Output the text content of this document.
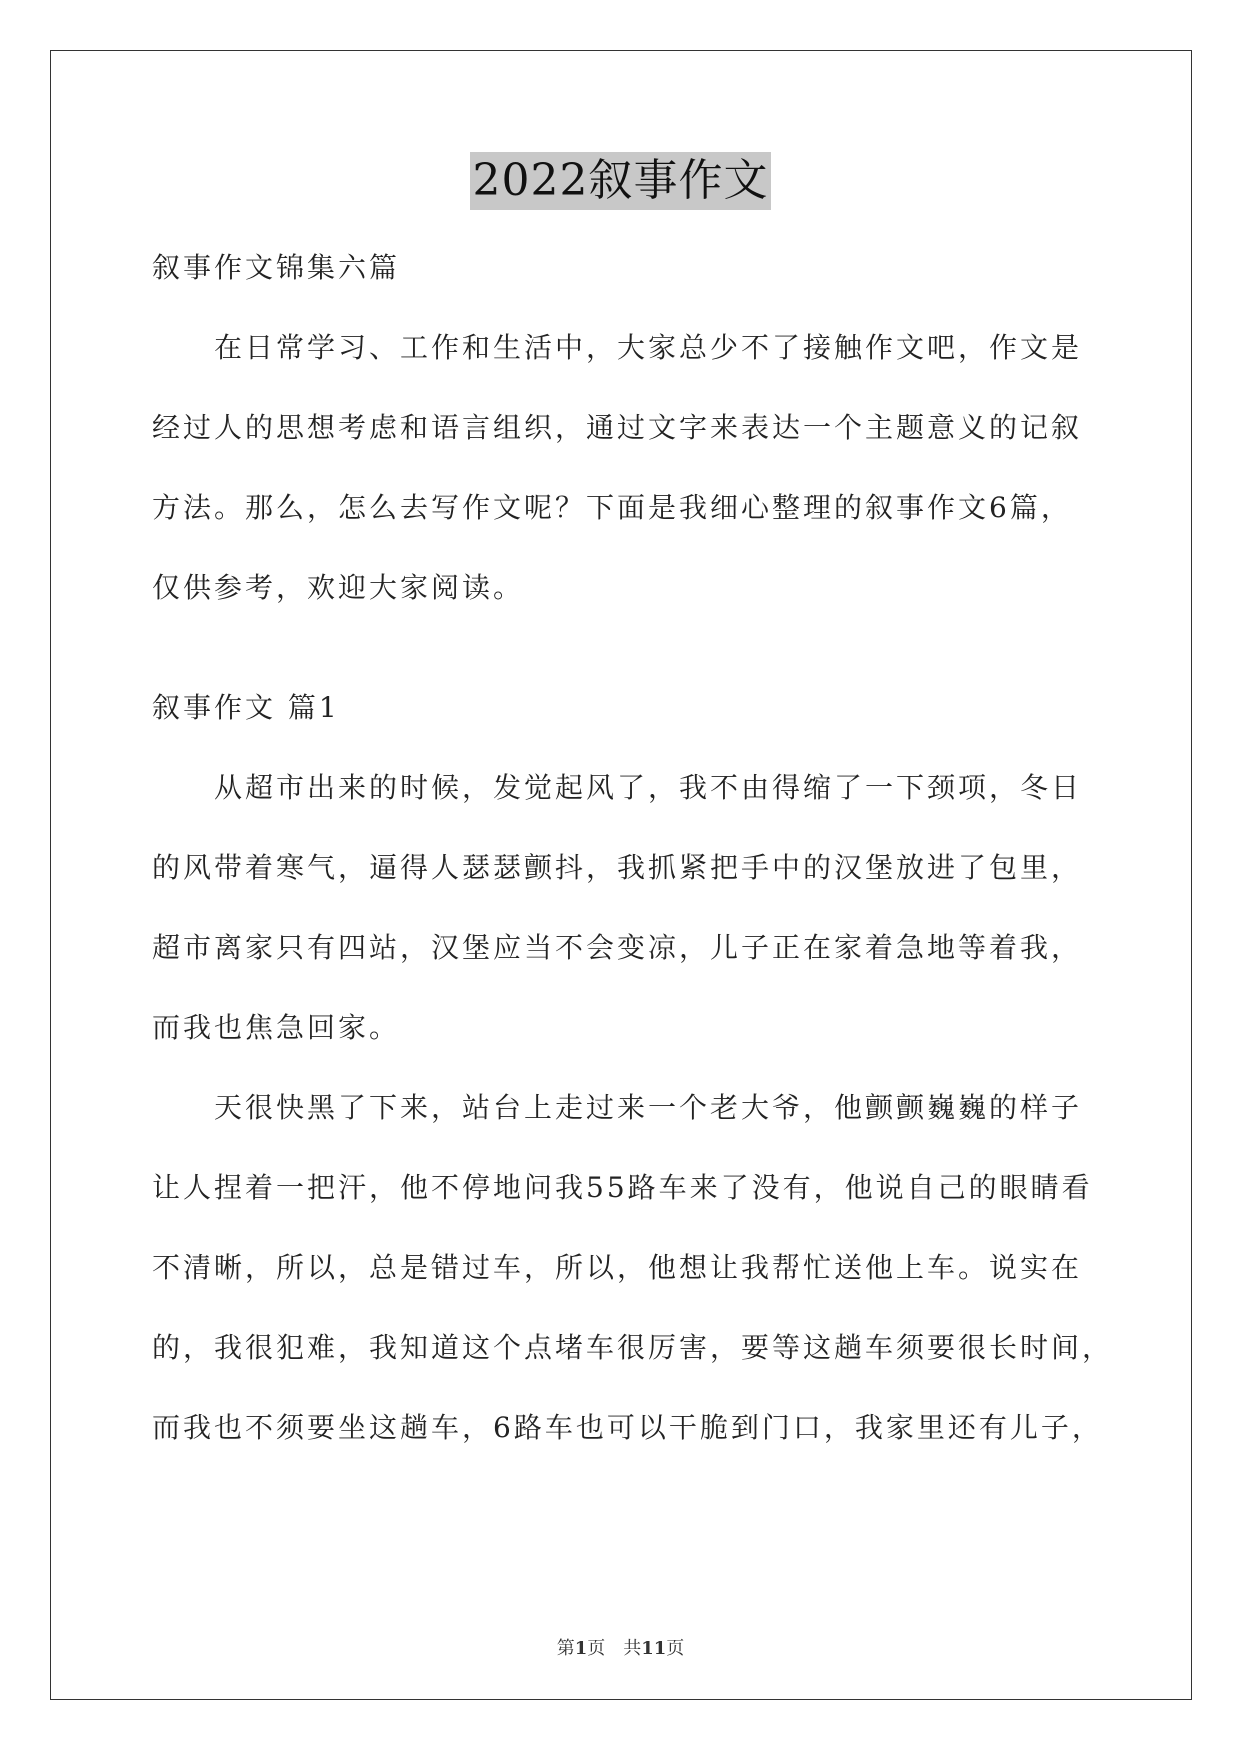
2022叙事作文
叙事作文锦集六篇
在日常学习、工作和生活中，大家总少不了接触作文吧，作文是
经过人的思想考虑和语言组织，通过文字来表达一个主题意义的记叙
方法。那么，怎么去写作文呢？下面是我细心整理的叙事作文6篇，
仅供参考，欢迎大家阅读。
叙事作文 篇1
从超市出来的时候，发觉起风了，我不由得缩了一下颈项，冬日
的风带着寒气，逼得人瑟瑟颤抖，我抓紧把手中的汉堡放进了包里，
超市离家只有四站，汉堡应当不会变凉，儿子正在家着急地等着我，
而我也焦急回家。
天很快黑了下来，站台上走过来一个老大爷，他颤颤巍巍的样子
让人捏着一把汗，他不停地问我55路车来了没有，他说自己的眼睛看
不清晰，所以，总是错过车，所以，他想让我帮忙送他上车。说实在
的，我很犯难，我知道这个点堵车很厉害，要等这趟车须要很长时间，
而我也不须要坐这趟车，6路车也可以干脆到门口，我家里还有儿子，
第1页　共11页
